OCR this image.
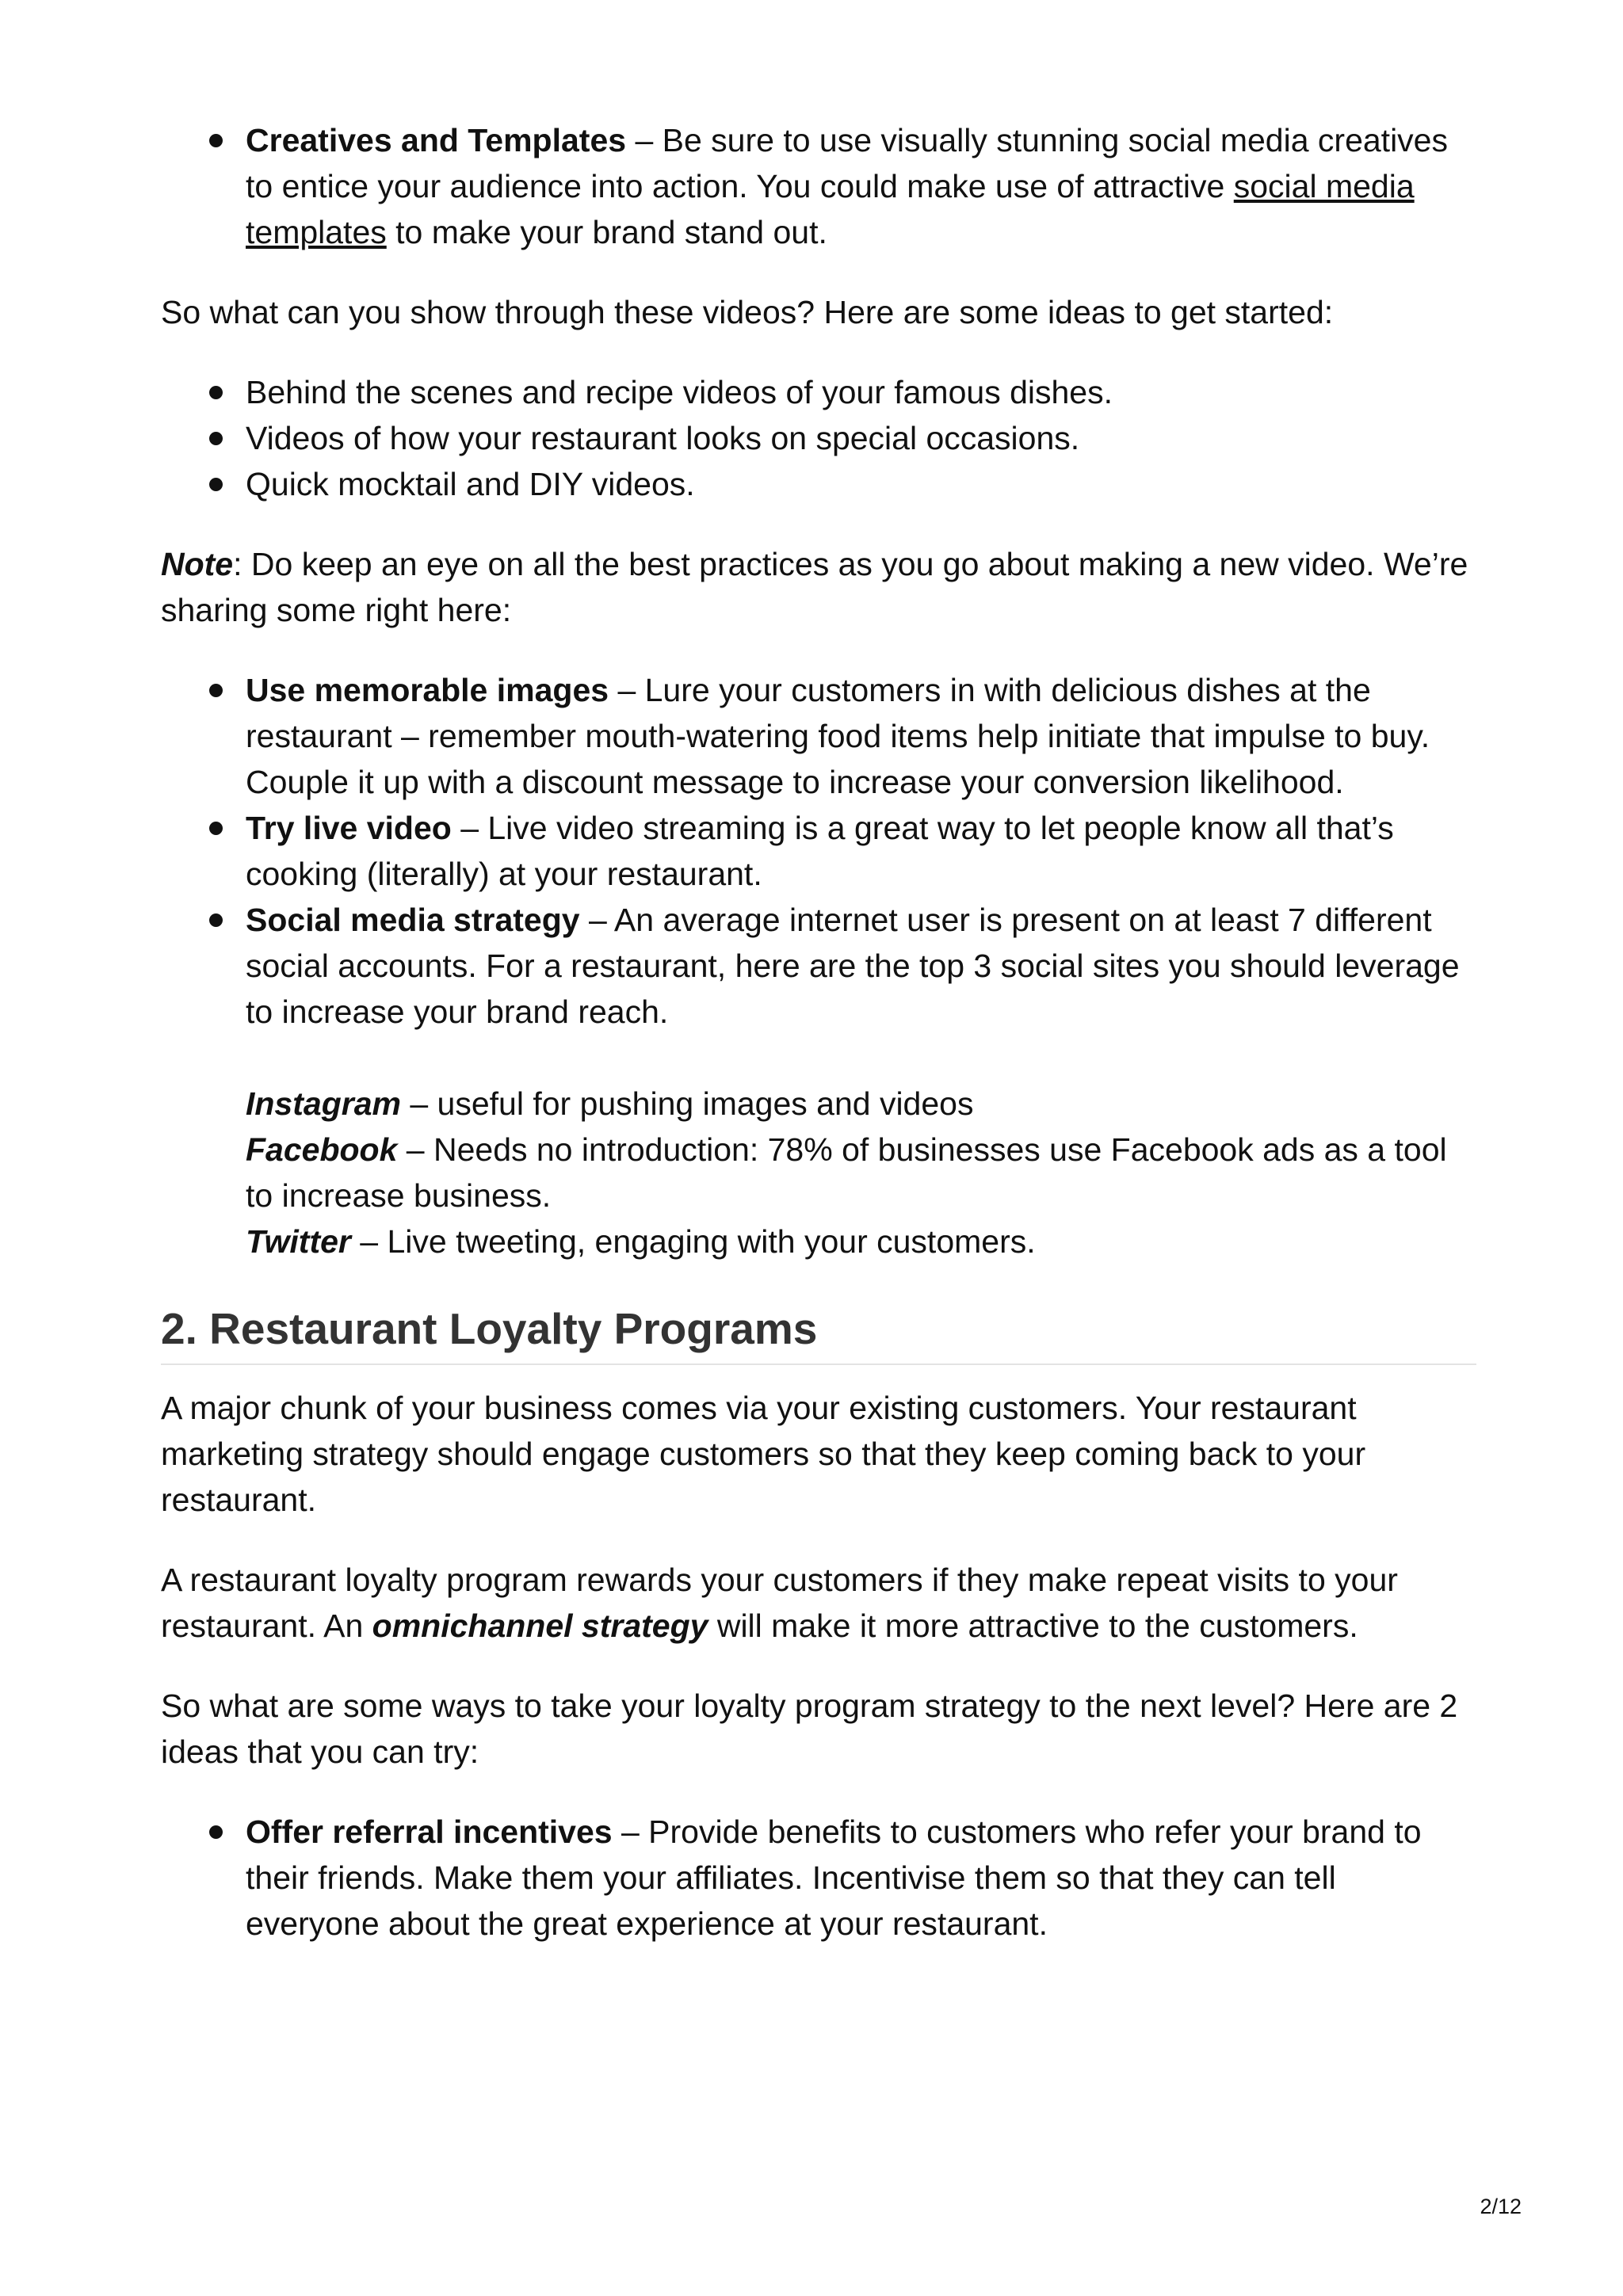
Creatives and Templates – Be sure to use visually stunning social media creatives to entice your audience into action. You could make use of attractive social media templates to make your brand stand out.

So what can you show through these videos? Here are some ideas to get started:

Behind the scenes and recipe videos of your famous dishes.
Videos of how your restaurant looks on special occasions.
Quick mocktail and DIY videos.

Note: Do keep an eye on all the best practices as you go about making a new video. We’re sharing some right here:

Use memorable images – Lure your customers in with delicious dishes at the restaurant – remember mouth-watering food items help initiate that impulse to buy. Couple it up with a discount message to increase your conversion likelihood.
Try live video – Live video streaming is a great way to let people know all that’s cooking (literally) at your restaurant.
Social media strategy – An average internet user is present on at least 7 different social accounts. For a restaurant, here are the top 3 social sites you should leverage to increase your brand reach.
Instagram – useful for pushing images and videos
Facebook – Needs no introduction: 78% of businesses use Facebook ads as a tool to increase business.
Twitter – Live tweeting, engaging with your customers.
2. Restaurant Loyalty Programs

A major chunk of your business comes via your existing customers. Your restaurant marketing strategy should engage customers so that they keep coming back to your restaurant.

A restaurant loyalty program rewards your customers if they make repeat visits to your restaurant. An omnichannel strategy will make it more attractive to the customers.

So what are some ways to take your loyalty program strategy to the next level? Here are 2 ideas that you can try:

Offer referral incentives – Provide benefits to customers who refer your brand to their friends. Make them your affiliates. Incentivise them so that they can tell everyone about the great experience at your restaurant.
2/12
